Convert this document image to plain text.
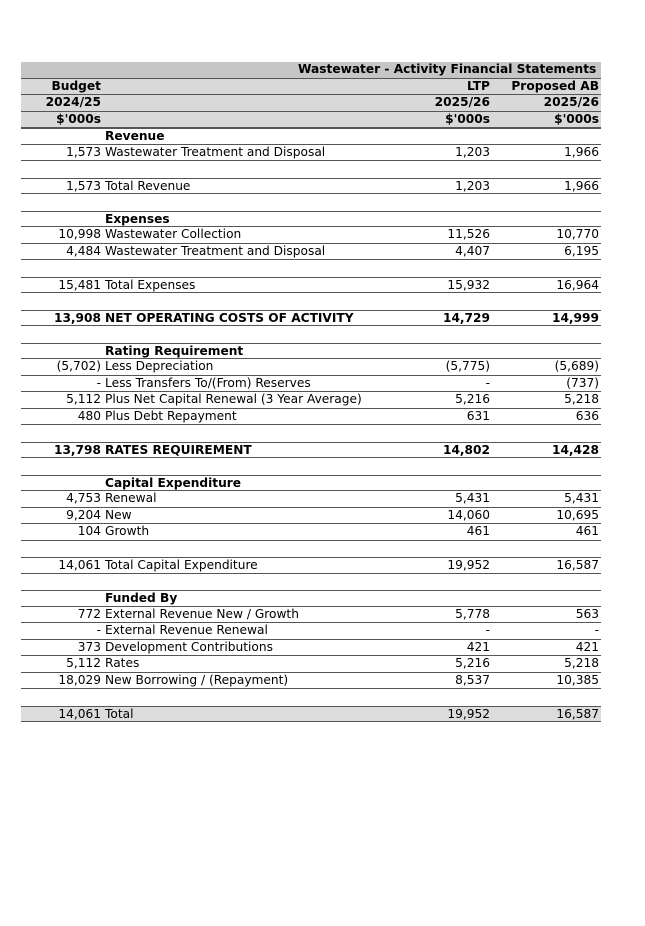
Wastewater - Activity Financial Statements
Budget	LTP	Proposed AB
2024/25	2025/26	2025/26
$'000s	$'000s	$'000s
Revenue
1,573 Wastewater Treatment and Disposal	1,203	1,966
1,573 Total Revenue	1,203	1,966
Expenses
10,998 Wastewater Collection	11,526	10,770
4,484 Wastewater Treatment and Disposal	4,407	6,195
15,481 Total Expenses	15,932	16,964
13,908 NET OPERATING COSTS OF ACTIVITY	14,729	14,999
Rating Requirement
(5,702) Less Depreciation	(5,775)	(5,689)
- Less Transfers To/(From) Reserves	-	(737)
5,112 Plus Net Capital Renewal (3 Year Average)	5,216	5,218
480 Plus Debt Repayment	631	636
13,798 RATES REQUIREMENT	14,802	14,428
Capital Expenditure
4,753 Renewal	5,431	5,431
9,204 New	14,060	10,695
104 Growth	461	461
14,061 Total Capital Expenditure	19,952	16,587
Funded By
772 External Revenue New / Growth	5,778	563
- External Revenue Renewal	-	-
373 Development Contributions	421	421
5,112 Rates	5,216	5,218
18,029 New Borrowing / (Repayment)	8,537	10,385
14,061 Total	19,952	16,587
